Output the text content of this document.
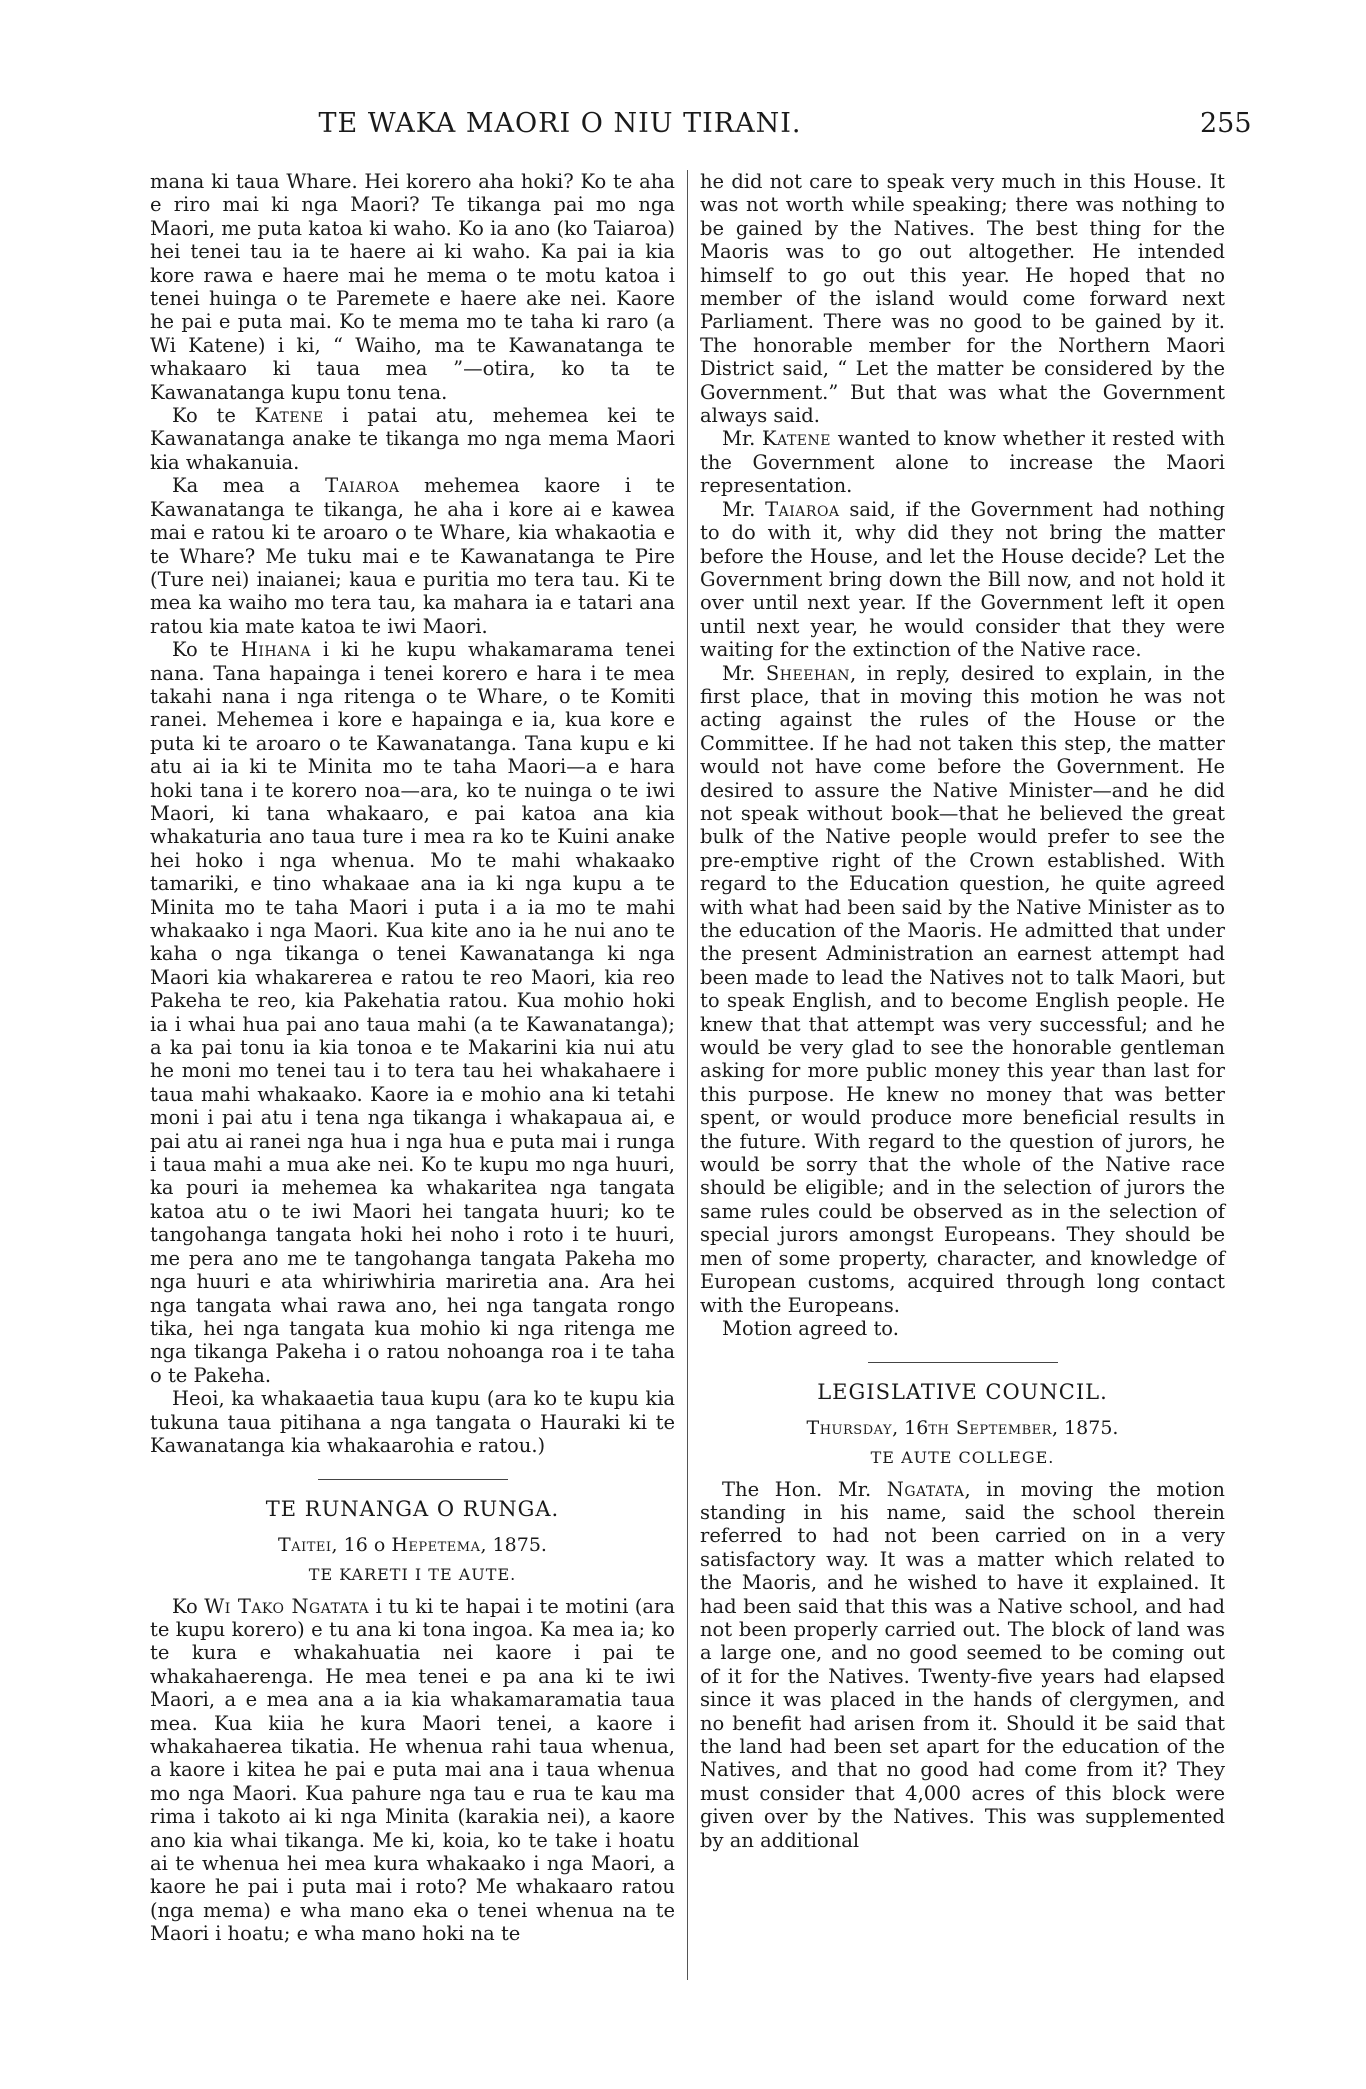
TE WAKA MAORI O NIU TIRANI.	255

mana ki taua Whare. Hei korero aha hoki? Ko te aha e riro mai ki nga Maori? Te tikanga pai mo nga Maori, me puta katoa ki waho. Ko ia ano (ko Taiaroa) hei tenei tau ia te haere ai ki waho. Ka pai ia kia kore rawa e haere mai he mema o te motu katoa i tenei huinga o te Paremete e haere ake nei. Kaore he pai e puta mai. Ko te mema mo te taha ki raro (a Wi Katene) i ki, “ Waiho, ma te Kawanatanga te whakaaro ki taua mea ”—otira, ko ta te Kawanatanga kupu tonu tena.

Ko te Katene i patai atu, mehemea kei te Kawanatanga anake te tikanga mo nga mema Maori kia whakanuia.

Ka mea a Taiaroa mehemea kaore i te Kawanatanga te tikanga, he aha i kore ai e kawea mai e ratou ki te aroaro o te Whare, kia whakaotia e te Whare? Me tuku mai e te Kawanatanga te Pire (Ture nei) inaianei; kaua e puritia mo tera tau. Ki te mea ka waiho mo tera tau, ka mahara ia e tatari ana ratou kia mate katoa te iwi Maori.

Ko te Hihana i ki he kupu whakamarama tenei nana. Tana hapainga i tenei korero e hara i te mea takahi nana i nga ritenga o te Whare, o te Komiti ranei. Mehemea i kore e hapainga e ia, kua kore e puta ki te aroaro o te Kawanatanga. Tana kupu e ki atu ai ia ki te Minita mo te taha Maori—a e hara hoki tana i te korero noa—ara, ko te nuinga o te iwi Maori, ki tana whakaaro, e pai katoa ana kia whakaturia ano taua ture i mea ra ko te Kuini anake hei hoko i nga whenua. Mo te mahi whakaako tamariki, e tino whakaae ana ia ki nga kupu a te Minita mo te taha Maori i puta i a ia mo te mahi whakaako i nga Maori. Kua kite ano ia he nui ano te kaha o nga tikanga o tenei Kawanatanga ki nga Maori kia whakarerea e ratou te reo Maori, kia reo Pakeha te reo, kia Pakehatia ratou. Kua mohio hoki ia i whai hua pai ano taua mahi (a te Kawanatanga); a ka pai tonu ia kia tonoa e te Makarini kia nui atu he moni mo tenei tau i to tera tau hei whakahaere i taua mahi whakaako. Kaore ia e mohio ana ki tetahi moni i pai atu i tena nga tikanga i whakapaua ai, e pai atu ai ranei nga hua i nga hua e puta mai i runga i taua mahi a mua ake nei. Ko te kupu mo nga huuri, ka pouri ia mehemea ka whakaritea nga tangata katoa atu o te iwi Maori hei tangata huuri; ko te tangohanga tangata hoki hei noho i roto i te huuri, me pera ano me te tangohanga tangata Pakeha mo nga huuri e ata whiriwhiria mariretia ana. Ara hei nga tangata whai rawa ano, hei nga tangata rongo tika, hei nga tangata kua mohio ki nga ritenga me nga tikanga Pakeha i o ratou nohoanga roa i te taha o te Pakeha.

Heoi, ka whakaaetia taua kupu (ara ko te kupu kia tukuna taua pitihana a nga tangata o Hauraki ki te Kawanatanga kia whakaarohia e ratou.)

TE RUNANGA O RUNGA.
Taitei, 16 o Hepetema, 1875.
TE KARETI I TE AUTE.

Ko Wi Tako Ngatata i tu ki te hapai i te motini (ara te kupu korero) e tu ana ki tona ingoa. Ka mea ia; ko te kura e whakahuatia nei kaore i pai te whakahaerenga. He mea tenei e pa ana ki te iwi Maori, a e mea ana a ia kia whakamaramatia taua mea. Kua kiia he kura Maori tenei, a kaore i whakahaerea tikatia. He whenua rahi taua whenua, a kaore i kitea he pai e puta mai ana i taua whenua mo nga Maori. Kua pahure nga tau e rua te kau ma rima i takoto ai ki nga Minita (karakia nei), a kaore ano kia whai tikanga. Me ki, koia, ko te take i hoatu ai te whenua hei mea kura whakaako i nga Maori, a kaore he pai i puta mai i roto? Me whakaaro ratou (nga mema) e wha mano eka o tenei whenua na te Maori i hoatu; e wha mano hoki na te

he did not care to speak very much in this House. It was not worth while speaking; there was nothing to be gained by the Natives. The best thing for the Maoris was to go out altogether. He intended himself to go out this year. He hoped that no member of the island would come forward next Parliament. There was no good to be gained by it. The honorable member for the Northern Maori District said, “ Let the matter be considered by the Government.” But that was what the Government always said.

Mr. Katene wanted to know whether it rested with the Government alone to increase the Maori representation.

Mr. Taiaroa said, if the Government had nothing to do with it, why did they not bring the matter before the House, and let the House decide? Let the Government bring down the Bill now, and not hold it over until next year. If the Government left it open until next year, he would consider that they were waiting for the extinction of the Native race.

Mr. Sheehan, in reply, desired to explain, in the first place, that in moving this motion he was not acting against the rules of the House or the Committee. If he had not taken this step, the matter would not have come before the Government. He desired to assure the Native Minister—and he did not speak without book—that he believed the great bulk of the Native people would prefer to see the pre-emptive right of the Crown established. With regard to the Education question, he quite agreed with what had been said by the Native Minister as to the education of the Maoris. He admitted that under the present Administration an earnest attempt had been made to lead the Natives not to talk Maori, but to speak English, and to become English people. He knew that that attempt was very successful; and he would be very glad to see the honorable gentleman asking for more public money this year than last for this purpose. He knew no money that was better spent, or would produce more beneficial results in the future. With regard to the question of jurors, he would be sorry that the whole of the Native race should be eligible; and in the selection of jurors the same rules could be observed as in the selection of special jurors amongst Europeans. They should be men of some property, character, and knowledge of European customs, acquired through long contact with the Europeans.

Motion agreed to.

LEGISLATIVE COUNCIL.
Thursday, 16th September, 1875.
TE AUTE COLLEGE.

The Hon. Mr. Ngatata, in moving the motion standing in his name, said the school therein referred to had not been carried on in a very satisfactory way. It was a matter which related to the Maoris, and he wished to have it explained. It had been said that this was a Native school, and had not been properly carried out. The block of land was a large one, and no good seemed to be coming out of it for the Natives. Twenty-five years had elapsed since it was placed in the hands of clergymen, and no benefit had arisen from it. Should it be said that the land had been set apart for the education of the Natives, and that no good had come from it? They must consider that 4,000 acres of this block were given over by the Natives. This was supplemented by an additional
